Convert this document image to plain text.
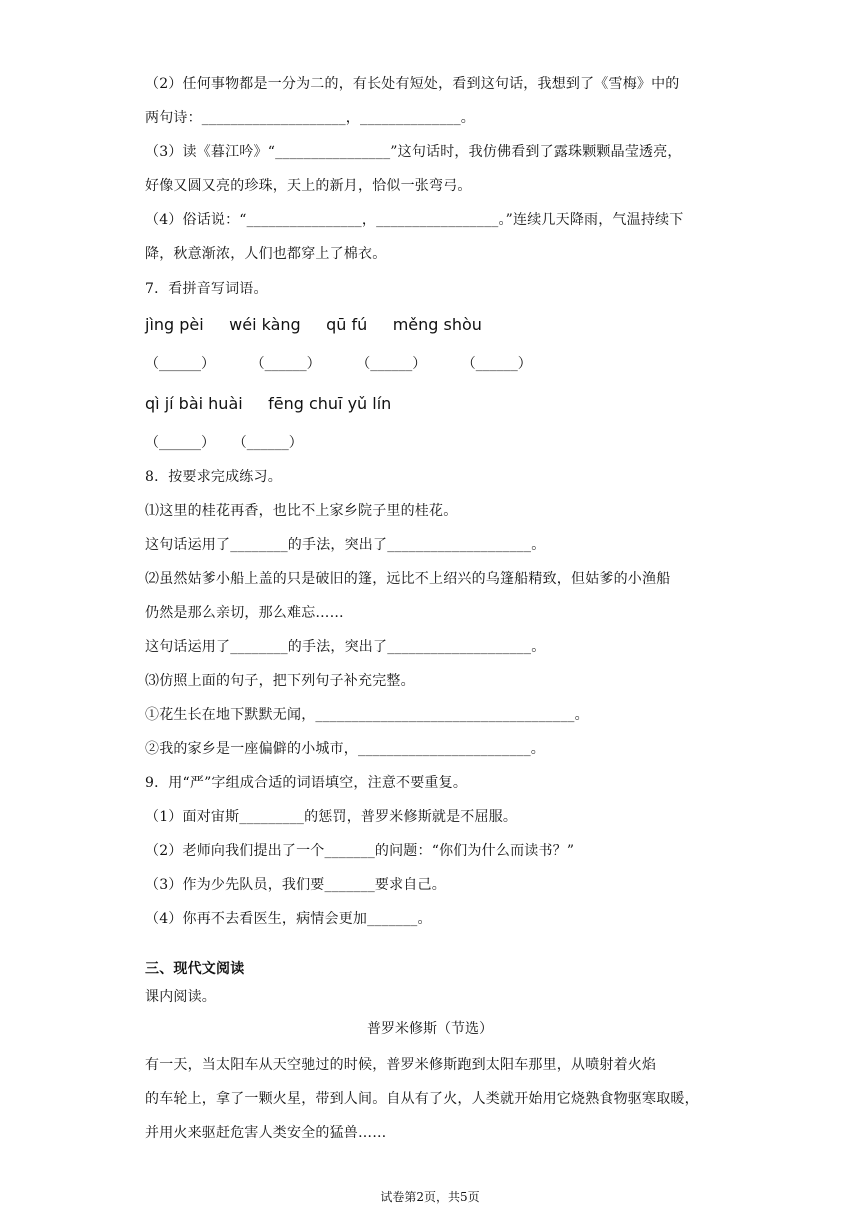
（2）任何事物都是一分为二的，有长处有短处，看到这句话，我想到了《雪梅》中的
两句诗：____________________，______________。
（3）读《暮江吟》“________________”这句话时，我仿佛看到了露珠颗颗晶莹透亮，
好像又圆又亮的珍珠，天上的新月，恰似一张弯弓。
（4）俗话说：“________________，_________________。”连续几天降雨，气温持续下
降，秋意渐浓，人们也都穿上了棉衣。
7．看拼音写词语。
jìng pèi     wéi kàng     qū fú     měng shòu
（______）        （______）        （______）        （______）
qì jí bài huài     fēng chuī yǔ lín
（______）    （______）
8．按要求完成练习。
⑴这里的桂花再香，也比不上家乡院子里的桂花。
这句话运用了________的手法，突出了____________________。
⑵虽然姑爹小船上盖的只是破旧的篷，远比不上绍兴的乌篷船精致，但姑爹的小渔船
仍然是那么亲切，那么难忘……
这句话运用了________的手法，突出了____________________。
⑶仿照上面的句子，把下列句子补充完整。
①花生长在地下默默无闻，____________________________________。
②我的家乡是一座偏僻的小城市，________________________。
9．用“严”字组成合适的词语填空，注意不要重复。
（1）面对宙斯_________的惩罚，普罗米修斯就是不屈服。
（2）老师向我们提出了一个_______的问题：“你们为什么而读书？”
（3）作为少先队员，我们要_______要求自己。
（4）你再不去看医生，病情会更加_______。
三、现代文阅读
课内阅读。
普罗米修斯（节选）
有一天，当太阳车从天空驰过的时候，普罗米修斯跑到太阳车那里，从喷射着火焰
的车轮上，拿了一颗火星，带到人间。自从有了火，人类就开始用它烧熟食物驱寒取暖，
并用火来驱赶危害人类安全的猛兽……
试卷第2页，共5页
